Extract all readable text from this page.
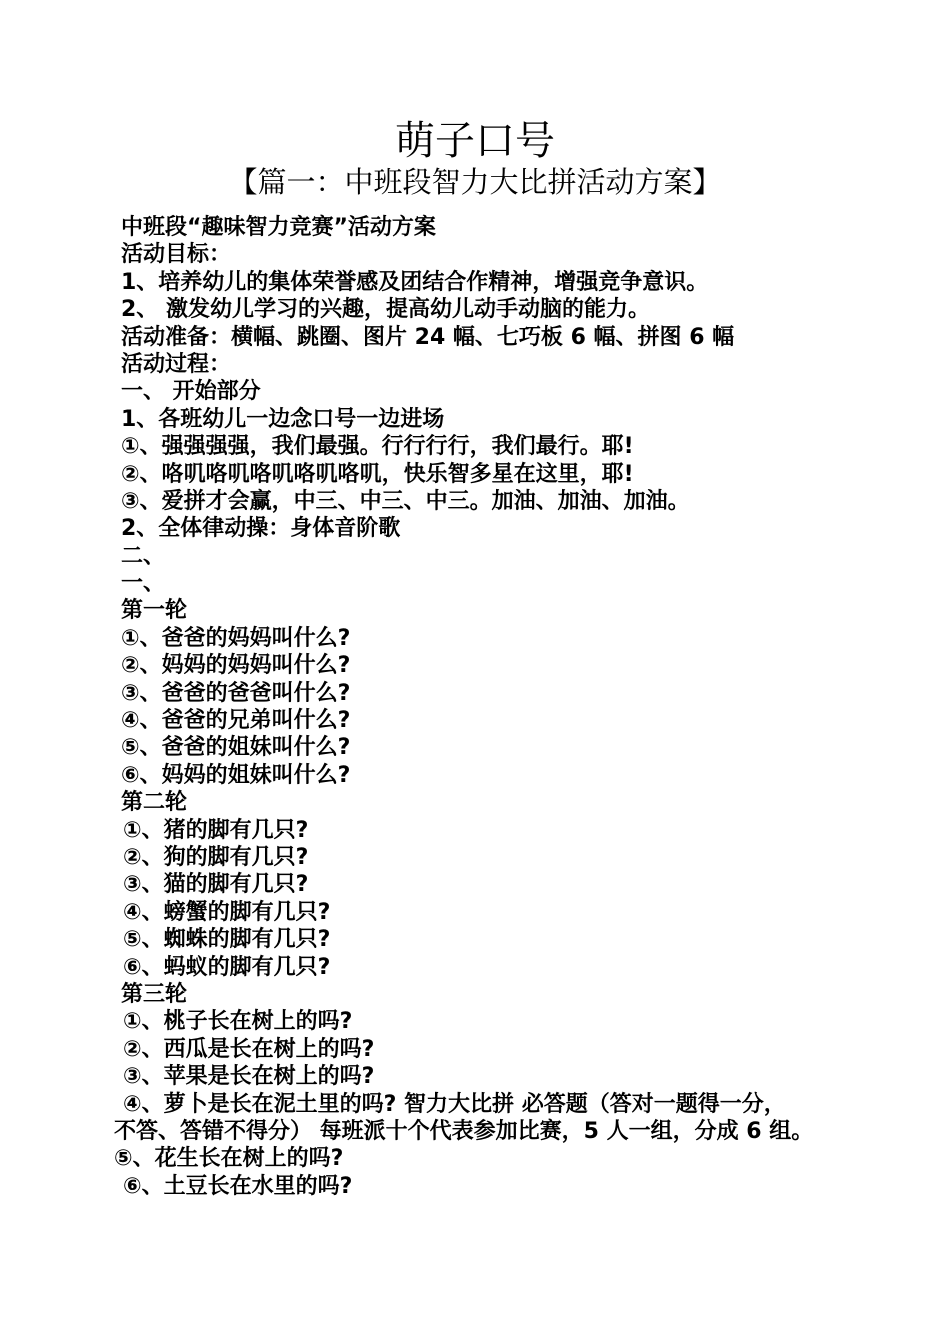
萌子口号
【篇一：中班段智力大比拼活动方案】
中班段“趣味智力竞赛”活动方案
活动目标：
1、培养幼儿的集体荣誉感及团结合作精神，增强竞争意识。
2、 激发幼儿学习的兴趣，提高幼儿动手动脑的能力。
活动准备：横幅、跳圈、图片 24 幅、七巧板 6 幅、拼图 6 幅
活动过程：
一、 开始部分
1、各班幼儿一边念口号一边进场
①、强强强强，我们最强。行行行行，我们最行。耶!
②、咯叽咯叽咯叽咯叽咯叽，快乐智多星在这里，耶!
③、爱拼才会赢，中三、中三、中三。加油、加油、加油。
2、全体律动操：身体音阶歌
二、
一、
第一轮
①、爸爸的妈妈叫什么?
②、妈妈的妈妈叫什么?
③、爸爸的爸爸叫什么?
④、爸爸的兄弟叫什么?
⑤、爸爸的姐妹叫什么?
⑥、妈妈的姐妹叫什么?
第二轮
①、猪的脚有几只?
②、狗的脚有几只?
③、猫的脚有几只?
④、螃蟹的脚有几只?
⑤、蜘蛛的脚有几只?
⑥、蚂蚁的脚有几只?
第三轮
①、桃子长在树上的吗?
②、西瓜是长在树上的吗?
③、苹果是长在树上的吗?
④、萝卜是长在泥土里的吗? 智力大比拼 必答题（答对一题得一分，
不答、答错不得分） 每班派十个代表参加比赛，5 人一组，分成 6 组。
⑤、花生长在树上的吗?
⑥、土豆长在水里的吗?
